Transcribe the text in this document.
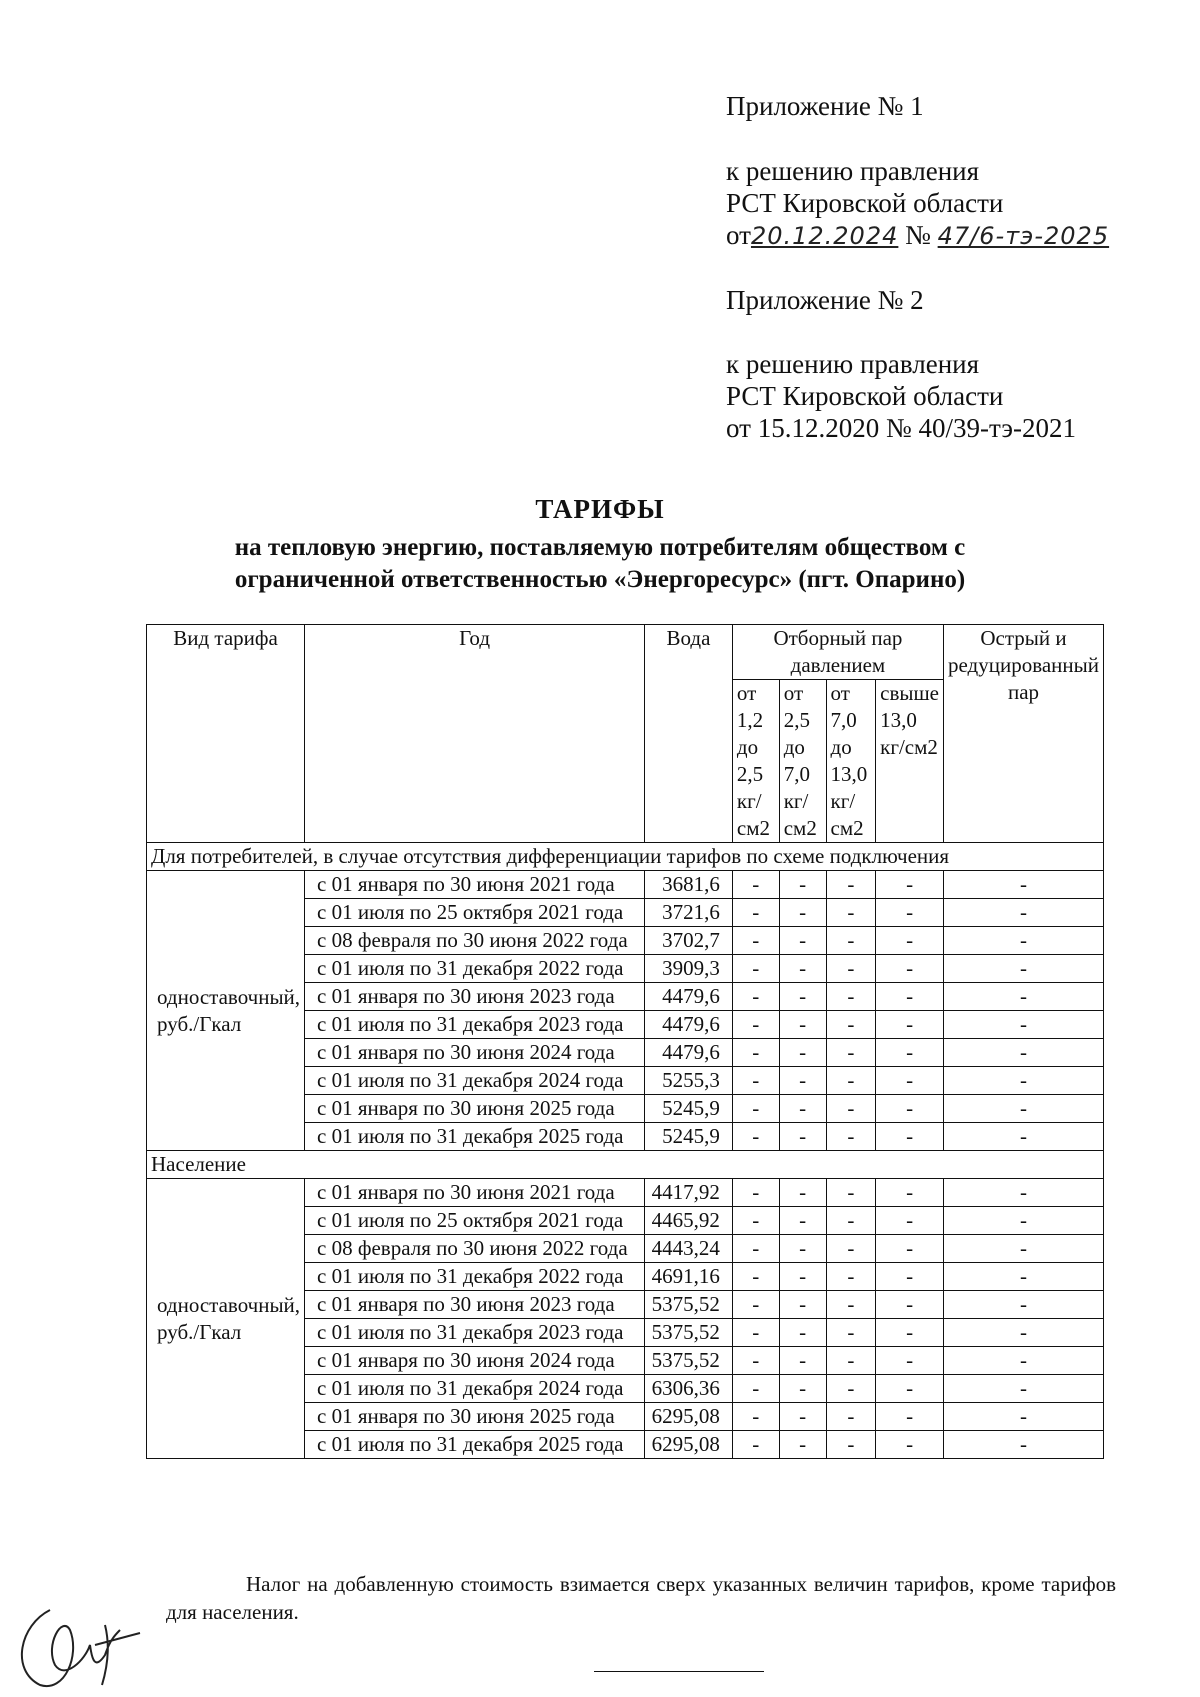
Приложение № 1
к решению правления
РСТ Кировской области
от20.12.2024 № 47/6-тэ-2025
Приложение № 2
к решению правления
РСТ Кировской области
от 15.12.2020 № 40/39-тэ-2021
ТАРИФЫ
на тепловую энергию, поставляемую потребителям обществом с
ограниченной ответственностью «Энергоресурс» (пгт. Опарино)
Вид тарифа	Год	Вода	Отборный пар давлением				Острый и редуцированный пар
			от 1,2 до 2,5 кг/см2	от 2,5 до 7,0 кг/см2	от 7,0 до 13,0 кг/см2	свыше 13,0 кг/см2	
Для потребителей, в случае отсутствия дифференциации тарифов по схеме подключения							
одноставочный, руб./Гкал	с 01 января по 30 июня 2021 года	3681,6	-	-	-	-	-
	с 01 июля по 25 октября 2021 года	3721,6	-	-	-	-	-
	с 08 февраля по 30 июня 2022 года	3702,7	-	-	-	-	-
	с 01 июля по 31 декабря 2022 года	3909,3	-	-	-	-	-
	с 01 января по 30 июня 2023 года	4479,6	-	-	-	-	-
	с 01 июля по 31 декабря 2023 года	4479,6	-	-	-	-	-
	с 01 января по 30 июня 2024 года	4479,6	-	-	-	-	-
	с 01 июля по 31 декабря 2024 года	5255,3	-	-	-	-	-
	с 01 января по 30 июня 2025 года	5245,9	-	-	-	-	-
	с 01 июля по 31 декабря 2025 года	5245,9	-	-	-	-	-
Население							
одноставочный, руб./Гкал	с 01 января по 30 июня 2021 года	4417,92	-	-	-	-	-
	с 01 июля по 25 октября 2021 года	4465,92	-	-	-	-	-
	с 08 февраля по 30 июня 2022 года	4443,24	-	-	-	-	-
	с 01 июля по 31 декабря 2022 года	4691,16	-	-	-	-	-
	с 01 января по 30 июня 2023 года	5375,52	-	-	-	-	-
	с 01 июля по 31 декабря 2023 года	5375,52	-	-	-	-	-
	с 01 января по 30 июня 2024 года	5375,52	-	-	-	-	-
	с 01 июля по 31 декабря 2024 года	6306,36	-	-	-	-	-
	с 01 января по 30 июня 2025 года	6295,08	-	-	-	-	-
	с 01 июля по 31 декабря 2025 года	6295,08	-	-	-	-	-
Налог на добавленную стоимость взимается сверх указанных величин тарифов, кроме тарифов для населения.
